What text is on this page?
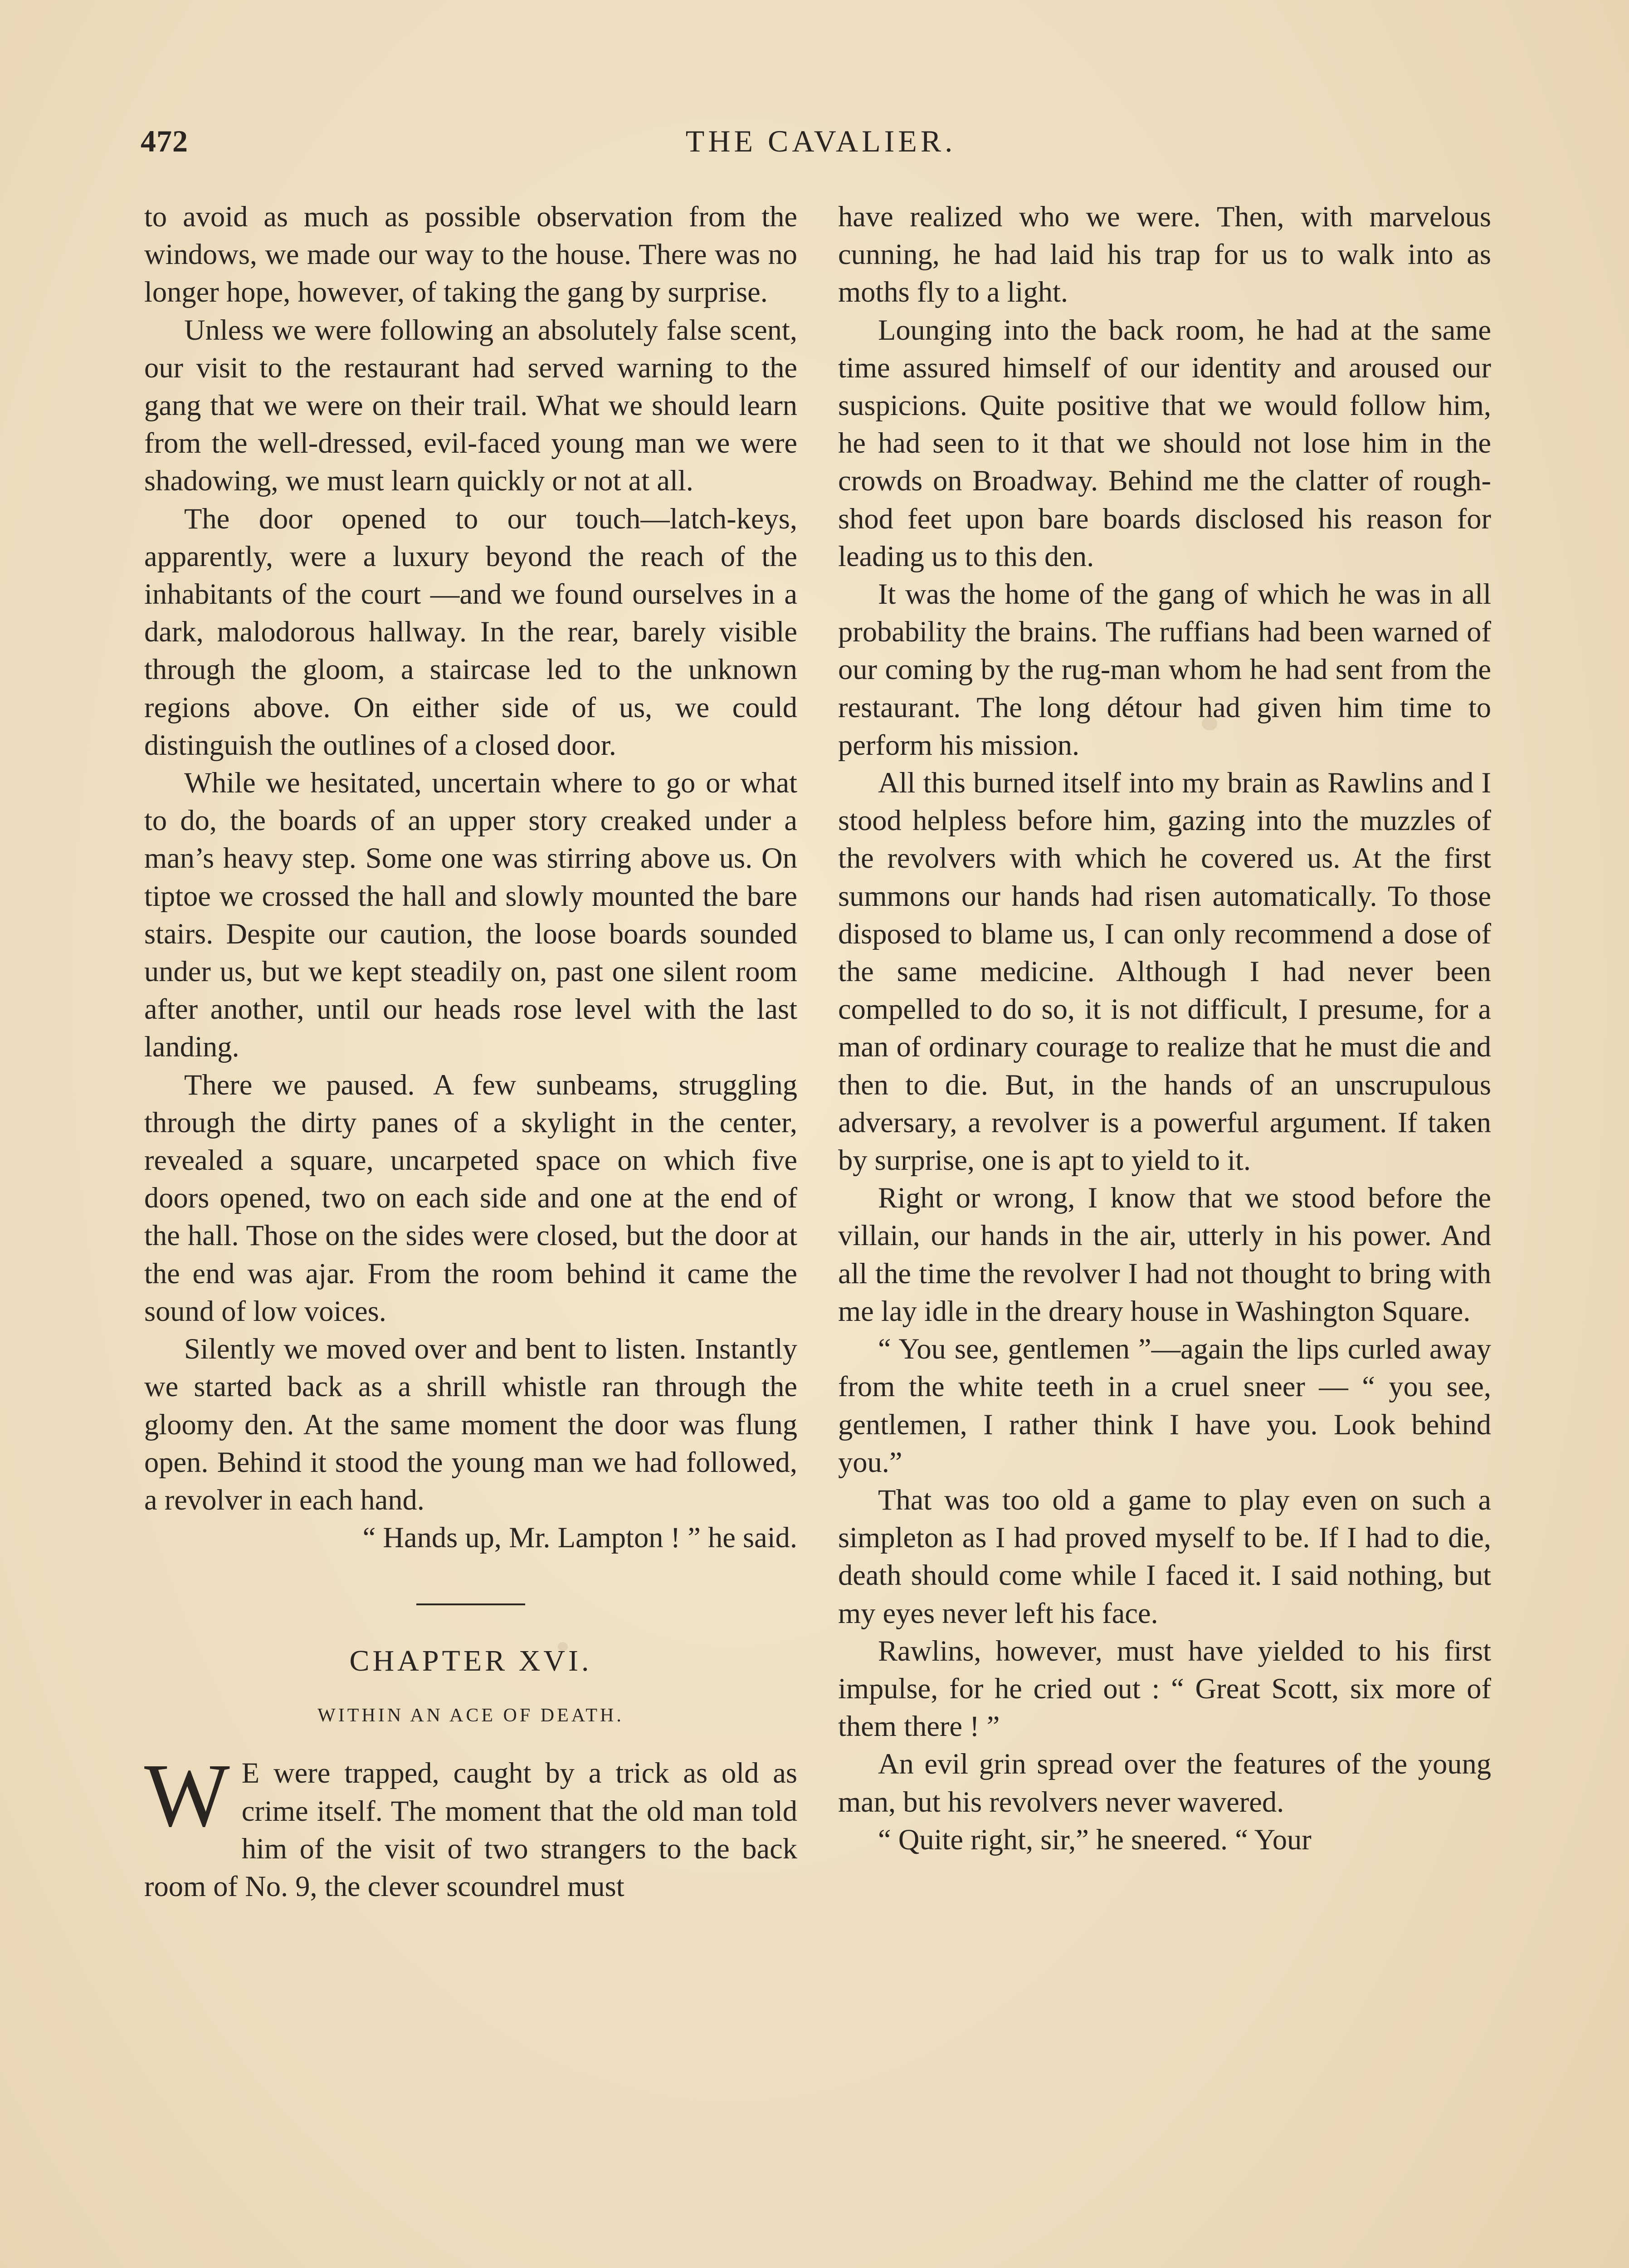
472	THE CAVALIER.

to avoid as much as possible observation from the windows, we made our way to the house. There was no longer hope, however, of taking the gang by surprise.

Unless we were following an absolutely false scent, our visit to the restaurant had served warning to the gang that we were on their trail. What we should learn from the well-dressed, evil-faced young man we were shadowing, we must learn quickly or not at all.

The door opened to our touch—latch-keys, apparently, were a luxury beyond the reach of the inhabitants of the court —and we found ourselves in a dark, malodorous hallway. In the rear, barely visible through the gloom, a staircase led to the unknown regions above. On either side of us, we could distinguish the outlines of a closed door.

While we hesitated, uncertain where to go or what to do, the boards of an upper story creaked under a man’s heavy step. Some one was stirring above us. On tiptoe we crossed the hall and slowly mounted the bare stairs. Despite our caution, the loose boards sounded under us, but we kept steadily on, past one silent room after another, until our heads rose level with the last landing.

There we paused. A few sunbeams, struggling through the dirty panes of a skylight in the center, revealed a square, uncarpeted space on which five doors opened, two on each side and one at the end of the hall. Those on the sides were closed, but the door at the end was ajar. From the room behind it came the sound of low voices.

Silently we moved over and bent to listen. Instantly we started back as a shrill whistle ran through the gloomy den. At the same moment the door was flung open. Behind it stood the young man we had followed, a revolver in each hand.

“ Hands up, Mr. Lampton ! ” he said.

CHAPTER XVI.
WITHIN AN ACE OF DEATH.

W E were trapped, caught by a trick as old as crime itself. The moment that the old man told him of the visit of two strangers to the back room of No. 9, the clever scoundrel must

have realized who we were. Then, with marvelous cunning, he had laid his trap for us to walk into as moths fly to a light.

Lounging into the back room, he had at the same time assured himself of our identity and aroused our suspicions. Quite positive that we would follow him, he had seen to it that we should not lose him in the crowds on Broadway. Behind me the clatter of rough-shod feet upon bare boards disclosed his reason for leading us to this den.

It was the home of the gang of which he was in all probability the brains. The ruffians had been warned of our coming by the rug-man whom he had sent from the restaurant. The long détour had given him time to perform his mission.

All this burned itself into my brain as Rawlins and I stood helpless before him, gazing into the muzzles of the revolvers with which he covered us. At the first summons our hands had risen automatically. To those disposed to blame us, I can only recommend a dose of the same medicine. Although I had never been compelled to do so, it is not difficult, I presume, for a man of ordinary courage to realize that he must die and then to die. But, in the hands of an unscrupulous adversary, a revolver is a powerful argument. If taken by surprise, one is apt to yield to it.

Right or wrong, I know that we stood before the villain, our hands in the air, utterly in his power. And all the time the revolver I had not thought to bring with me lay idle in the dreary house in Washington Square.

“ You see, gentlemen ”—again the lips curled away from the white teeth in a cruel sneer — “ you see, gentlemen, I rather think I have you. Look behind you.”

That was too old a game to play even on such a simpleton as I had proved myself to be. If I had to die, death should come while I faced it. I said nothing, but my eyes never left his face.

Rawlins, however, must have yielded to his first impulse, for he cried out : “ Great Scott, six more of them there ! ”

An evil grin spread over the features of the young man, but his revolvers never wavered.

“ Quite right, sir,” he sneered. “ Your
